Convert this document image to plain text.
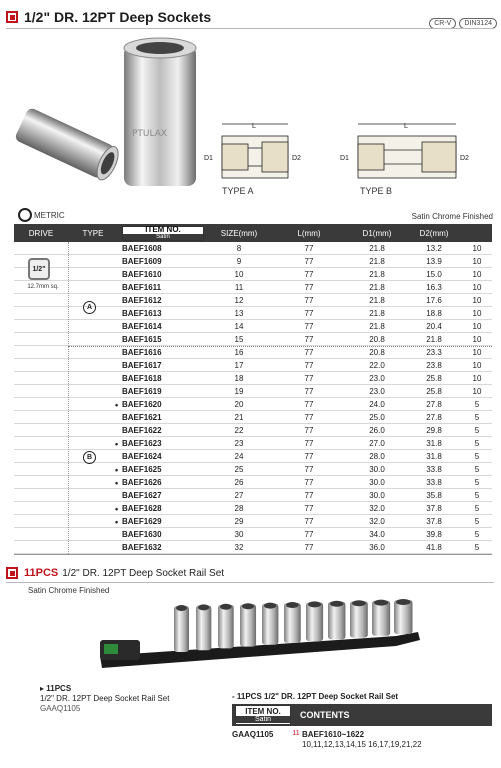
1/2" DR. 12PT Deep Sockets	CR-V	DIN3124
PTULAX
L
D1	D2
L
D1	D2
TYPE A	TYPE B
METRIC	Satin Chrome Finished
DRIVE	TYPE	ITEM NO.
Satin	SIZE(mm)	L(mm)	D1(mm)	D2(mm)
1/2"
12.7mm sq.
A
B
BAEF1608	8	77	21.8	13.2	10
BAEF1609	9	77	21.8	13.9	10
BAEF1610	10	77	21.8	15.0	10
BAEF1611	11	77	21.8	16.3	10
BAEF1612	12	77	21.8	17.6	10
BAEF1613	13	77	21.8	18.8	10
BAEF1614	14	77	21.8	20.4	10
BAEF1615	15	77	20.8	21.8	10
BAEF1616	16	77	20.8	23.3	10
BAEF1617	17	77	22.0	23.8	10
BAEF1618	18	77	23.0	25.8	10
BAEF1619	19	77	23.0	25.8	10
• BAEF1620	20	77	24.0	27.8	5
BAEF1621	21	77	25.0	27.8	5
BAEF1622	22	77	26.0	29.8	5
• BAEF1623	23	77	27.0	31.8	5
BAEF1624	24	77	28.0	31.8	5
• BAEF1625	25	77	30.0	33.8	5
• BAEF1626	26	77	30.0	33.8	5
BAEF1627	27	77	30.0	35.8	5
• BAEF1628	28	77	32.0	37.8	5
• BAEF1629	29	77	32.0	37.8	5
BAEF1630	30	77	34.0	39.8	5
BAEF1632	32	77	36.0	41.8	5
11PCS 1/2" DR. 12PT Deep Socket Rail Set
Satin Chrome Finished
▸ 11PCS
1/2" DR. 12PT Deep Socket Rail Set
GAAQ1105
- 11PCS 1/2" DR. 12PT Deep Socket Rail Set
ITEM NO.
Satin	CONTENTS
GAAQ1105	11 BAEF1610~1622
10,11,12,13,14,15 16,17,19,21,22
